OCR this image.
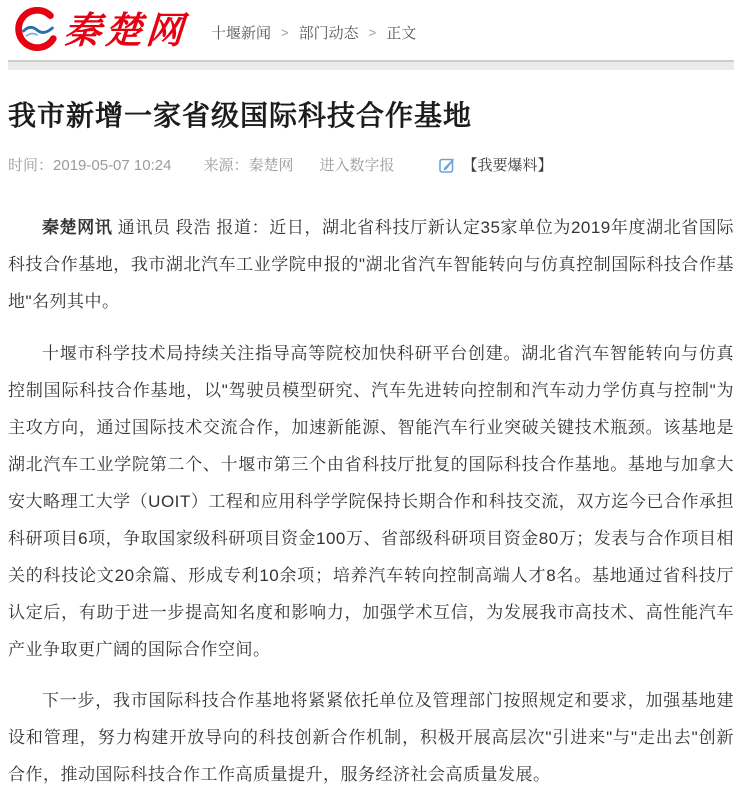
秦楚网 十堰新闻 > 部门动态 > 正文
我市新增一家省级国际科技合作基地
时间：2019-05-07 10:24 来源：秦楚网 进入数字报	【我要爆料】

秦楚网讯 通讯员 段浩 报道：近日，湖北省科技厅新认定35家单位为2019年度湖北省国际科技合作基地，我市湖北汽车工业学院申报的"湖北省汽车智能转向与仿真控制国际科技合作基地"名列其中。

十堰市科学技术局持续关注指导高等院校加快科研平台创建。湖北省汽车智能转向与仿真控制国际科技合作基地，以"驾驶员模型研究、汽车先进转向控制和汽车动力学仿真与控制"为主攻方向，通过国际技术交流合作，加速新能源、智能汽车行业突破关键技术瓶颈。该基地是湖北汽车工业学院第二个、十堰市第三个由省科技厅批复的国际科技合作基地。基地与加拿大安大略理工大学（UOIT）工程和应用科学学院保持长期合作和科技交流，双方迄今已合作承担科研项目6项，争取国家级科研项目资金100万、省部级科研项目资金80万；发表与合作项目相关的科技论文20余篇、形成专利10余项；培养汽车转向控制高端人才8名。基地通过省科技厅认定后，有助于进一步提高知名度和影响力，加强学术互信，为发展我市高技术、高性能汽车产业争取更广阔的国际合作空间。

下一步，我市国际科技合作基地将紧紧依托单位及管理部门按照规定和要求，加强基地建设和管理，努力构建开放导向的科技创新合作机制，积极开展高层次"引进来"与"走出去"创新合作，推动国际科技合作工作高质量提升，服务经济社会高质量发展。
